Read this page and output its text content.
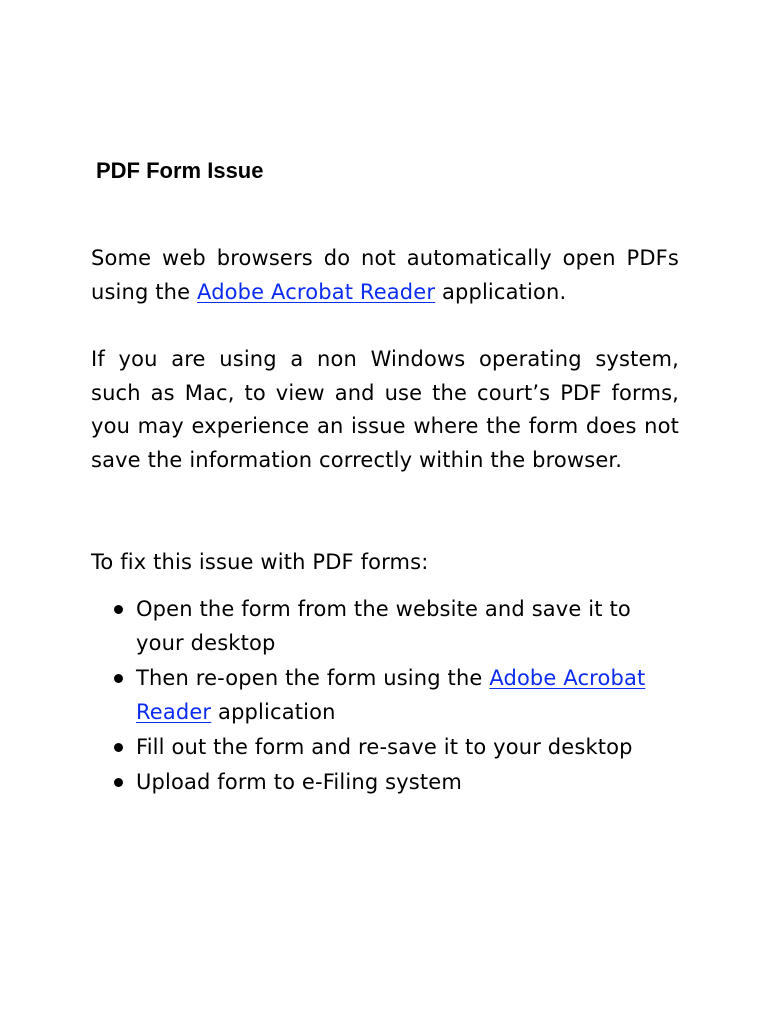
PDF Form Issue

Some web browsers do not automatically open PDFs using the Adobe Acrobat Reader application.

If you are using a non Windows operating system, such as Mac, to view and use the court’s PDF forms, you may experience an issue where the form does not save the information correctly within the browser.

To fix this issue with PDF forms:

Open the form from the website and save it to your desktop
Then re-open the form using the Adobe Acrobat Reader application
Fill out the form and re-save it to your desktop
Upload form to e-Filing system
